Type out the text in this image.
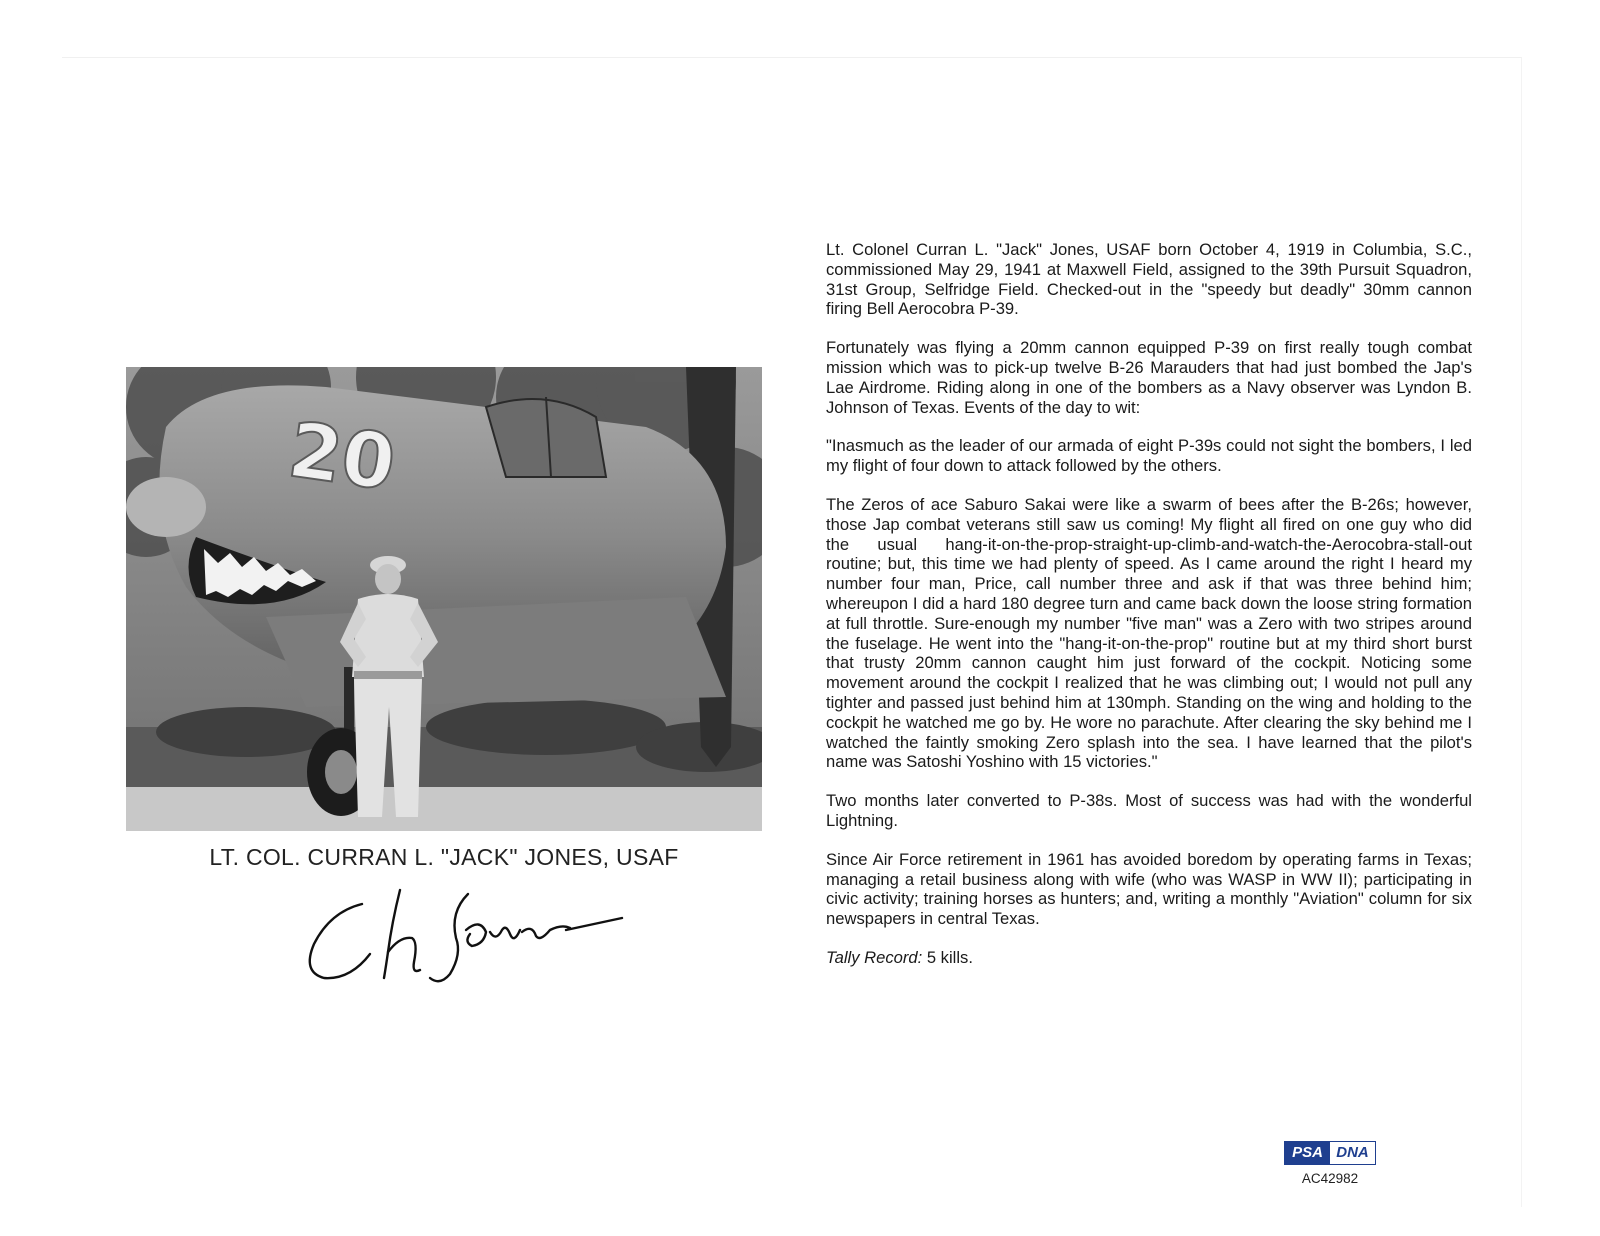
20
LT. COL. CURRAN L. "JACK" JONES, USAF

Lt. Colonel Curran L. "Jack" Jones, USAF born October 4, 1919 in Columbia, S.C., commissioned May 29, 1941 at Maxwell Field, assigned to the 39th Pursuit Squadron, 31st Group, Selfridge Field. Checked-out in the "speedy but deadly" 30mm cannon firing Bell Aerocobra P-39.

Fortunately was flying a 20mm cannon equipped P-39 on first really tough combat mission which was to pick-up twelve B-26 Marauders that had just bombed the Jap's Lae Airdrome. Riding along in one of the bombers as a Navy observer was Lyndon B. Johnson of Texas. Events of the day to wit:

"Inasmuch as the leader of our armada of eight P-39s could not sight the bombers, I led my flight of four down to attack followed by the others.

The Zeros of ace Saburo Sakai were like a swarm of bees after the B-26s; however, those Jap combat veterans still saw us coming! My flight all fired on one guy who did the usual hang-it-on-the-prop-straight-up-climb-and-watch-the-Aerocobra-stall-out routine; but, this time we had plenty of speed. As I came around the right I heard my number four man, Price, call number three and ask if that was three behind him; whereupon I did a hard 180 degree turn and came back down the loose string formation at full throttle. Sure-enough my number "five man" was a Zero with two stripes around the fuselage. He went into the "hang-it-on-the-prop" routine but at my third short burst that trusty 20mm cannon caught him just forward of the cockpit. Noticing some movement around the cockpit I realized that he was climbing out; I would not pull any tighter and passed just behind him at 130mph. Standing on the wing and holding to the cockpit he watched me go by. He wore no parachute. After clearing the sky behind me I watched the faintly smoking Zero splash into the sea. I have learned that the pilot's name was Satoshi Yoshino with 15 victories."

Two months later converted to P-38s. Most of success was had with the wonderful Lightning.

Since Air Force retirement in 1961 has avoided boredom by operating farms in Texas; managing a retail business along with wife (who was WASP in WW II); participating in civic activity; training horses as hunters; and, writing a monthly "Aviation" column for six newspapers in central Texas.

Tally Record: 5 kills.

PSA DNA
AC42982
